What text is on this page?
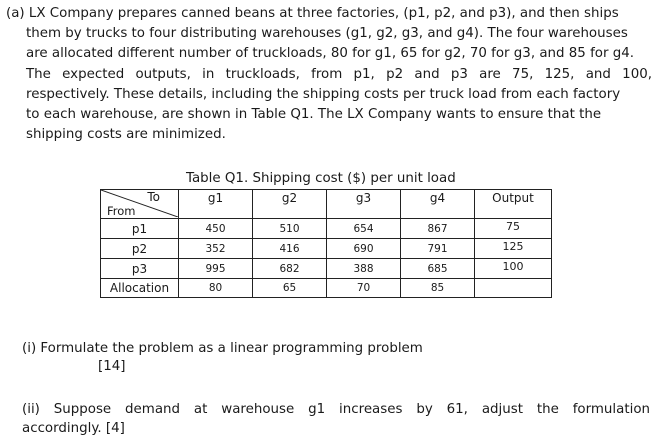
(a) LX Company prepares canned beans at three factories, (p1, p2, and p3), and then ships
them by trucks to four distributing warehouses (g1, g2, g3, and g4). The four warehouses
are allocated different number of truckloads, 80 for g1, 65 for g2, 70 for g3, and 85 for g4.
The expected outputs, in truckloads, from p1, p2 and p3 are 75, 125, and 100,
respectively. These details, including the shipping costs per truck load from each factory
to each warehouse, are shown in Table Q1. The LX Company wants to ensure that the
shipping costs are minimized.
Table Q1. Shipping cost ($) per unit load
To
From	g1	g2	g3	g4	Output
p1	450	510	654	867	75
p2	352	416	690	791	125
p3	995	682	388	685	100
Allocation	80	65	70	85	
(i) Formulate the problem as a linear programming problem
[14]
(ii) Suppose demand at warehouse g1 increases by 61, adjust the formulation
accordingly. [4]
